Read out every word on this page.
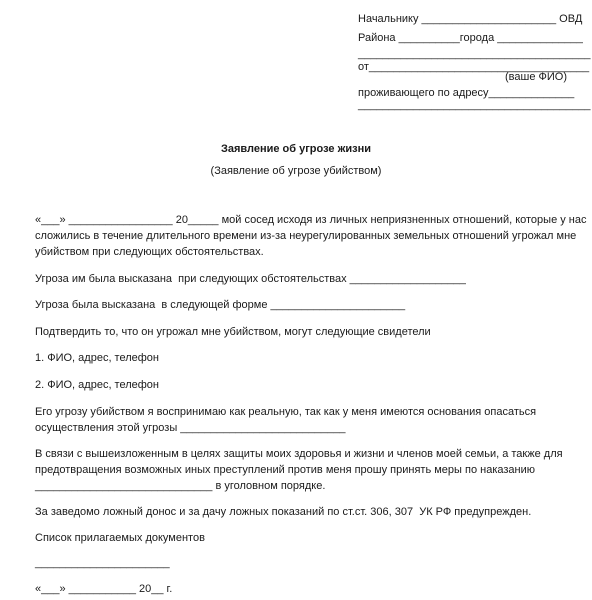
Начальнику ______________________ ОВД
Района __________города ______________
______________________________________
от____________________________________
(ваше ФИО)
проживающего по адресу______________
______________________________________
Заявление об угрозе жизни
(Заявление об угрозе убийством)
«___» _________________ 20_____ мой сосед исходя из личных неприязненных отношений, которые у нас
сложились в течение длительного времени из-за неурегулированных земельных отношений угрожал мне
убийством при следующих обстоятельствах.
Угроза им была высказана  при следующих обстоятельствах ___________________
Угроза была высказана  в следующей форме ______________________
Подтвердить то, что он угрожал мне убийством, могут следующие свидетели
1. ФИО, адрес, телефон
2. ФИО, адрес, телефон
Его угрозу убийством я воспринимаю как реальную, так как у меня имеются основания опасаться
осуществления этой угрозы ___________________________
В связи с вышеизложенным в целях защиты моих здоровья и жизни и членов моей семьи, а также для
предотвращения возможных иных преступлений против меня прошу принять меры по наказанию
_____________________________ в уголовном порядке.
За заведомо ложный донос и за дачу ложных показаний по ст.ст. 306, 307  УК РФ предупрежден.
Список прилагаемых документов
______________________
«___» ___________ 20__ г.
